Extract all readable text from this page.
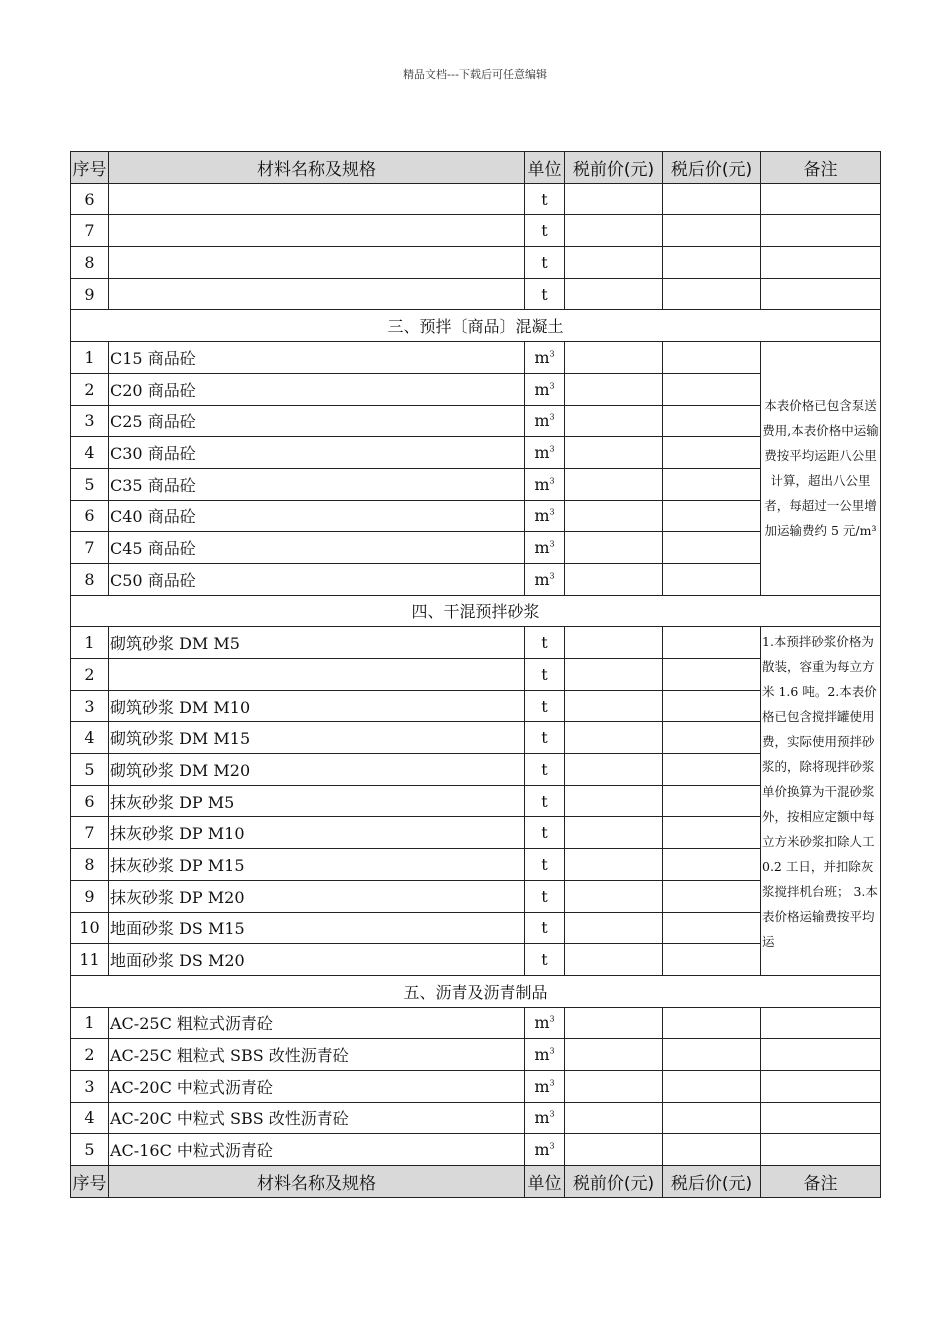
精品文档---下载后可任意编辑
序号	材料名称及规格	单位	税前价(元)	税后价(元)	备注
6		t			
7		t			
8		t			
9		t			
三、预拌〔商品〕混凝土					
1	C15 商品砼	$m^3$			本表价格已包含泵送费用,本表价格中运输费按平均运距八公里计算，超出八公里者，每超过一公里增加运输费约 5 元/m³
2	C20 商品砼	$m^3$		
3	C25 商品砼	$m^3$		
4	C30 商品砼	$m^3$		
5	C35 商品砼	$m^3$		
6	C40 商品砼	$m^3$		
7	C45 商品砼	$m^3$		
8	C50 商品砼	$m^3$		
四、干混预拌砂浆					
1	砌筑砂浆 DM M5	t			1.本预拌砂浆价格为散装，容重为每立方米 1.6 吨。2.本表价格已包含搅拌罐使用费，实际使用预拌砂浆的，除将现拌砂浆单价换算为干混砂浆外，按相应定额中每立方米砂浆扣除人工 0.2 工日，并扣除灰浆搅拌机台班； 3.本表价格运输费按平均运
2		t			
3	砌筑砂浆 DM M10	t			
4	砌筑砂浆 DM M15	t			
5	砌筑砂浆 DM M20	t			
6	抹灰砂浆 DP M5	t			
7	抹灰砂浆 DP M10	t			
8	抹灰砂浆 DP M15	t			
9	抹灰砂浆 DP M20	t			
10	地面砂浆 DS M15	t			
11	地面砂浆 DS M20	t			
五、沥青及沥青制品					
1	AC-25C 粗粒式沥青砼	$m^3$			
2	AC-25C 粗粒式 SBS 改性沥青砼	$m^3$			
3	AC-20C 中粒式沥青砼	$m^3$			
4	AC-20C 中粒式 SBS 改性沥青砼	$m^3$			
5	AC-16C 中粒式沥青砼	$m^3$			
序号	材料名称及规格	单位	税前价(元)	税后价(元)	备注
